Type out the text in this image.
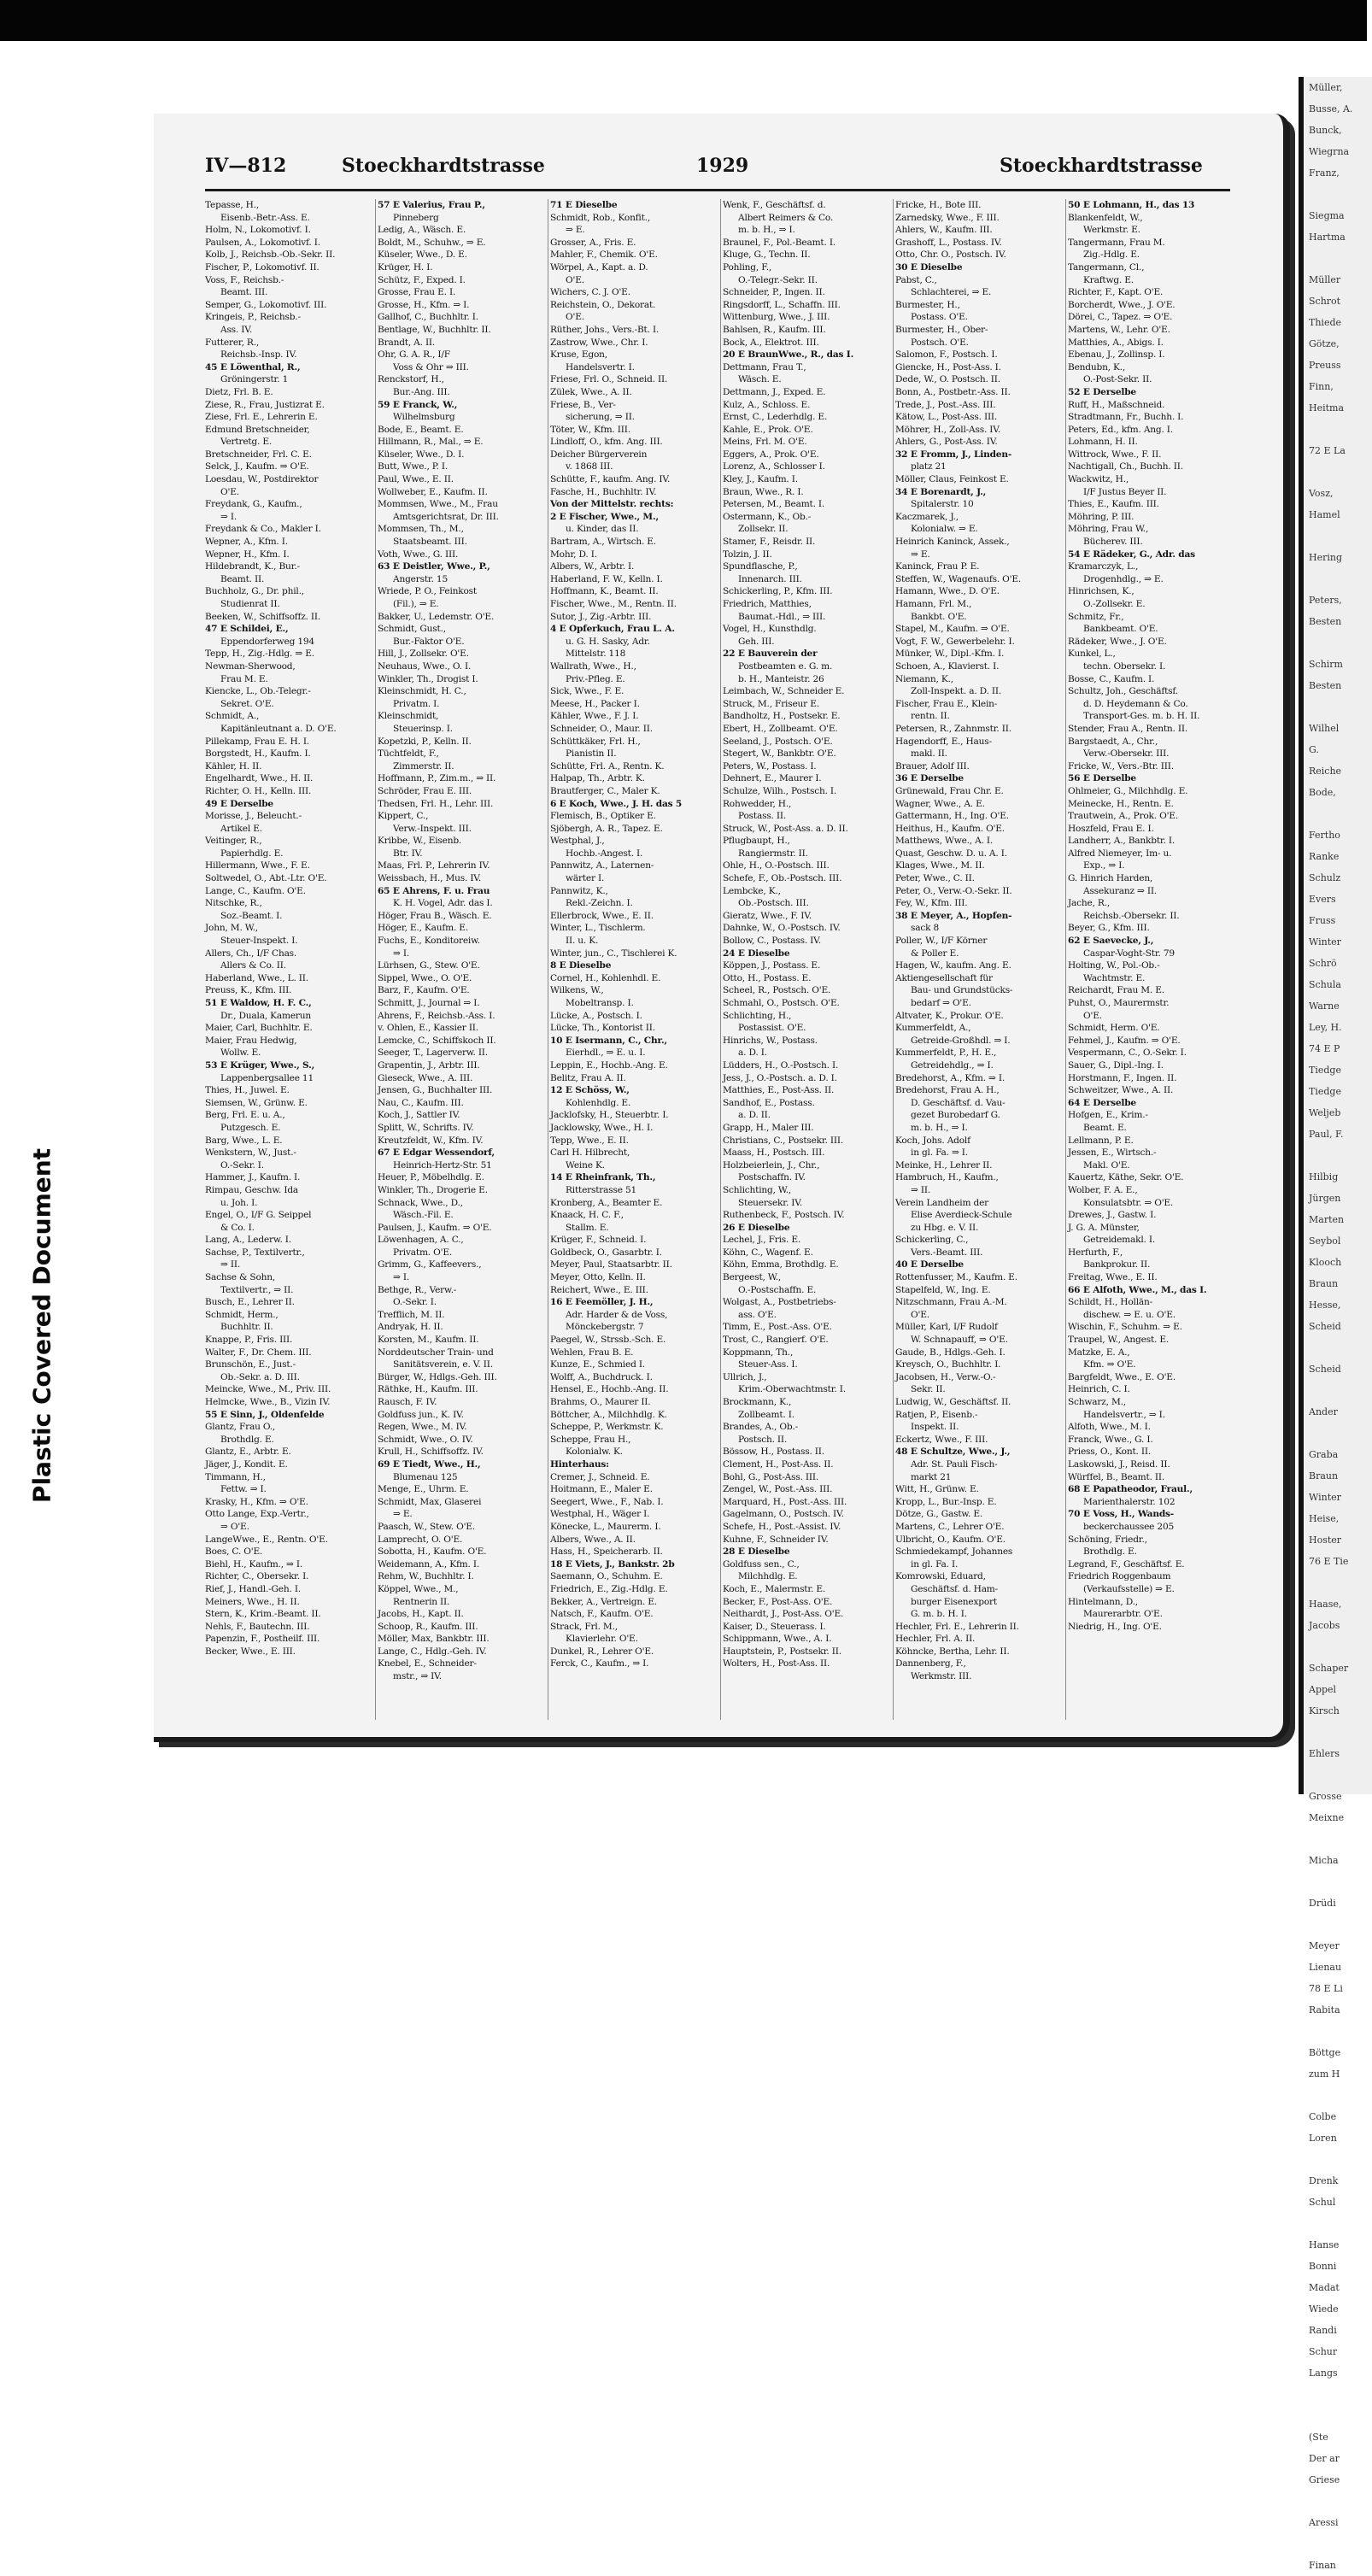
Plastic Covered Document
IV—812	Stoeckhardtstrasse	1929	Stoeckhardtstrasse
Tepasse, H.,
Eisenb.-Betr.-Ass. E.
Holm, N., Lokomotivf. I.
Paulsen, A., Lokomotivf. I.
Kolb, J., Reichsb.-Ob.-Sekr. II.
Fischer, P., Lokomotivf. II.
Voss, F., Reichsb.-
Beamt. III.
Semper, G., Lokomotivf. III.
Kringeis, P., Reichsb.-
Ass. IV.
Futterer, R.,
Reichsb.-Insp. IV.
45 E Löwenthal, R.,
Gröningerstr. 1
Dietz, Frl. B. E.
Ziese, R., Frau, Justizrat E.
Ziese, Frl. E., Lehrerin E.
Edmund Bretschneider,
Vertretg. E.
Bretschneider, Frl. C. E.
Selck, J., Kaufm. ⇒ O'E.
Loesdau, W., Postdirektor
O'E.
Freydank, G., Kaufm.,
⇒ I.
Freydank & Co., Makler I.
Wepner, A., Kfm. I.
Wepner, H., Kfm. I.
Hildebrandt, K., Bur.-
Beamt. II.
Buchholz, G., Dr. phil.,
Studienrat II.
Beeken, W., Schiffsoffz. II.
47 E Schildei, E.,
Eppendorferweg 194
Tepp, H., Zig.-Hdlg. ⇒ E.
Newman-Sherwood,
Frau M. E.
Kiencke, L., Ob.-Telegr.-
Sekret. O'E.
Schmidt, A.,
Kapitänleutnant a. D. O'E.
Pillekamp, Frau E. H. I.
Borgstedt, H., Kaufm. I.
Kähler, H. II.
Engelhardt, Wwe., H. II.
Richter, O. H., Kelln. III.
49 E Derselbe
Morisse, J., Beleucht.-
Artikel E.
Veitinger, R.,
Papierhdlg. E.
Hillermann, Wwe., F. E.
Soltwedel, O., Abt.-Ltr. O'E.
Lange, C., Kaufm. O'E.
Nitschke, R.,
Soz.-Beamt. I.
John, M. W.,
Steuer-Inspekt. I.
Allers, Ch., I/F Chas.
Allers & Co. II.
Haberland, Wwe., L. II.
Preuss, K., Kfm. III.
51 E Waldow, H. F. C.,
Dr., Duala, Kamerun
Maier, Carl, Buchhltr. E.
Maier, Frau Hedwig,
Wollw. E.
53 E Krüger, Wwe., S.,
Lappenbergsallee 11
Thies, H., Juwel. E.
Siemsen, W., Grünw. E.
Berg, Frl. E. u. A.,
Putzgesch. E.
Barg, Wwe., L. E.
Wenkstern, W., Just.-
O.-Sekr. I.
Hammer, J., Kaufm. I.
Rimpau, Geschw. Ida
u. Joh. I.
Engel, O., I/F G. Seippel
& Co. I.
Lang, A., Lederw. I.
Sachse, P., Textilvertr.,
⇒ II.
Sachse & Sohn,
Textilvertr., ⇒ II.
Busch, E., Lehrer II.
Schmidt, Herm.,
Buchhltr. II.
Knappe, P., Fris. III.
Walter, F., Dr. Chem. III.
Brunschön, E., Just.-
Ob.-Sekr. a. D. III.
Meincke, Wwe., M., Priv. III.
Helmcke, Wwe., B., Vizin IV.
55 E Sinn, J., Oldenfelde
Glantz, Frau O.,
Brothdlg. E.
Glantz, E., Arbtr. E.
Jäger, J., Kondit. E.
Timmann, H.,
Fettw. ⇒ I.
Krasky, H., Kfm. ⇒ O'E.
Otto Lange, Exp.-Vertr.,
⇒ O'E.
LangeWwe., E., Rentn. O'E.
Boes, C. O'E.
Biehl, H., Kaufm., ⇒ I.
Richter, C., Obersekr. I.
Rief, J., Handl.-Geh. I.
Meiners, Wwe., H. II.
Stern, K., Krim.-Beamt. II.
Nehls, F., Bautechn. III.
Papenzin, F., Postheilf. III.
Becker, Wwe., E. III.
57 E Valerius, Frau P.,
Pinneberg
Ledig, A., Wäsch. E.
Boldt, M., Schuhw., ⇒ E.
Küseler, Wwe., D. E.
Krüger, H. I.
Schütz, F., Exped. I.
Grosse, Frau E. I.
Grosse, H., Kfm. ⇒ I.
Gallhof, C., Buchhltr. I.
Bentlage, W., Buchhltr. II.
Brandt, A. II.
Ohr, G. A. R., I/F
Voss & Ohr ⇒ III.
Renckstorf, H.,
Bur.-Ang. III.
59 E Franck, W.,
Wilhelmsburg
Bode, E., Beamt. E.
Hillmann, R., Mal., ⇒ E.
Küseler, Wwe., D. I.
Butt, Wwe., P. I.
Paul, Wwe., E. II.
Wollweber, E., Kaufm. II.
Mommsen, Wwe., M., Frau
Amtsgerichtsrat, Dr. III.
Mommsen, Th., M.,
Staatsbeamt. III.
Voth, Wwe., G. III.
63 E Deistler, Wwe., P.,
Angerstr. 15
Wriede, P. O., Feinkost
(Fil.), ⇒ E.
Bakker, U., Ledemstr. O'E.
Schmidt, Gust.,
Bur.-Faktor O'E.
Hill, J., Zollsekr. O'E.
Neuhaus, Wwe., O. I.
Winkler, Th., Drogist I.
Kleinschmidt, H. C.,
Privatm. I.
Kleinschmidt,
Steuerinsp. I.
Kopetzki, P., Kelln. II.
Tüchtfeldt, F.,
Zimmerstr. II.
Hoffmann, P., Zim.m., ⇒ II.
Schröder, Frau E. III.
Thedsen, Frl. H., Lehr. III.
Kippert, C.,
Verw.-Inspekt. III.
Kribbe, W., Eisenb.
Btr. IV.
Maas, Frl. P., Lehrerin IV.
Weissbach, H., Mus. IV.
65 E Ahrens, F. u. Frau
K. H. Vogel, Adr. das I.
Höger, Frau B., Wäsch. E.
Höger, E., Kaufm. E.
Fuchs, E., Konditoreiw.
⇒ I.
Lürhsen, G., Stew. O'E.
Sippel, Wwe., O. O'E.
Barz, F., Kaufm. O'E.
Schmitt, J., Journal ⇒ I.
Ahrens, F., Reichsb.-Ass. I.
v. Ohlen, E., Kassier II.
Lemcke, C., Schiffskoch II.
Seeger, T., Lagerverw. II.
Grapentin, J., Arbtr. III.
Gieseck, Wwe., A. III.
Jensen, G., Buchhalter III.
Nau, C., Kaufm. III.
Koch, J., Sattler IV.
Splitt, W., Schrifts. IV.
Kreutzfeldt, W., Kfm. IV.
67 E Edgar Wessendorf,
Heinrich-Hertz-Str. 51
Heuer, P., Möbelhdlg. E.
Winkler, Th., Drogerie E.
Schnack, Wwe., D.,
Wäsch.-Fil. E.
Paulsen, J., Kaufm. ⇒ O'E.
Löwenhagen, A. C.,
Privatm. O'E.
Grimm, G., Kaffeevers.,
⇒ I.
Bethge, R., Verw.-
O.-Sekr. I.
Trefflich, M. II.
Andryak, H. II.
Korsten, M., Kaufm. II.
Norddeutscher Train- und
Sanitätsverein, e. V. II.
Bürger, W., Hdlgs.-Geh. III.
Räthke, H., Kaufm. III.
Rausch, F. IV.
Goldfuss jun., K. IV.
Regen, Wwe., M. IV.
Schmidt, Wwe., O. IV.
Krull, H., Schiffsoffz. IV.
69 E Tiedt, Wwe., H.,
Blumenau 125
Menge, E., Uhrm. E.
Schmidt, Max, Glaserei
⇒ E.
Paasch, W., Stew. O'E.
Lamprecht, O. O'E.
Sobotta, H., Kaufm. O'E.
Weidemann, A., Kfm. I.
Rehm, W., Buchhltr. I.
Köppel, Wwe., M.,
Rentnerin II.
Jacobs, H., Kapt. II.
Schoop, R., Kaufm. III.
Möller, Max, Bankbtr. III.
Lange, C., Hdlg.-Geh. IV.
Knebel, E., Schneider-
mstr., ⇒ IV.
71 E Dieselbe
Schmidt, Rob., Konfit.,
⇒ E.
Grosser, A., Fris. E.
Mahler, F., Chemik. O'E.
Wörpel, A., Kapt. a. D.
O'E.
Wichers, C. J. O'E.
Reichstein, O., Dekorat.
O'E.
Rüther, Johs., Vers.-Bt. I.
Zastrow, Wwe., Chr. I.
Kruse, Egon,
Handelsvertr. I.
Friese, Frl. O., Schneid. II.
Zülek, Wwe., A. II.
Friese, B., Ver-
sicherung, ⇒ II.
Töter, W., Kfm. III.
Lindloff, O., kfm. Ang. III.
Deicher Bürgerverein
v. 1868 III.
Schütte, F., kaufm. Ang. IV.
Fasche, H., Buchhltr. IV.
Von der Mittelstr. rechts:
2 E Fischer, Wwe., M.,
u. Kinder, das II.
Bartram, A., Wirtsch. E.
Mohr, D. I.
Albers, W., Arbtr. I.
Haberland, F. W., Kelln. I.
Hoffmann, K., Beamt. II.
Fischer, Wwe., M., Rentn. II.
Sutor, J., Zig.-Arbtr. III.
4 E Opferkuch, Frau L. A.
u. G. H. Sasky, Adr.
Mittelstr. 118
Wallrath, Wwe., H.,
Priv.-Pfleg. E.
Sick, Wwe., F. E.
Meese, H., Packer I.
Kähler, Wwe., F. J. I.
Schneider, O., Maur. II.
Schüttkäker, Frl. H.,
Pianistin II.
Schütte, Frl. A., Rentn. K.
Halpap, Th., Arbtr. K.
Brautferger, C., Maler K.
6 E Koch, Wwe., J. H. das 5
Flemisch, B., Optiker E.
Sjöbergh, A. R., Tapez. E.
Westphal, J.,
Hochb.-Angest. I.
Pannwitz, A., Laternen-
wärter I.
Pannwitz, K.,
Rekl.-Zeichn. I.
Ellerbrock, Wwe., E. II.
Winter, L., Tischlerm.
II. u. K.
Winter, jun., C., Tischlerei K.
8 E Dieselbe
Cornel, H., Kohlenhdl. E.
Wilkens, W.,
Mobeltransp. I.
Lücke, A., Postsch. I.
Lücke, Th., Kontorist II.
10 E Isermann, C., Chr.,
Eierhdl., ⇒ E. u. I.
Leppin, E., Hochb.-Ang. E.
Belitz, Frau A. II.
12 E Schöss, W.,
Kohlenhdlg. E.
Jacklofsky, H., Steuerbtr. I.
Jacklowsky, Wwe., H. I.
Tepp, Wwe., E. II.
Carl H. Hilbrecht,
Weine K.
14 E Rheinfrank, Th.,
Ritterstrasse 51
Kronberg, A., Beamter E.
Knaack, H. C. F.,
Stallm. E.
Krüger, F., Schneid. I.
Goldbeck, O., Gasarbtr. I.
Meyer, Paul, Staatsarbtr. II.
Meyer, Otto, Kelln. II.
Reichert, Wwe., E. III.
16 E Feemöller, J. H.,
Adr. Harder & de Voss,
Mönckebergstr. 7
Paegel, W., Strssb.-Sch. E.
Wehlen, Frau B. E.
Kunze, E., Schmied I.
Wolff, A., Buchdruck. I.
Hensel, E., Hochb.-Ang. II.
Brahms, O., Maurer II.
Böttcher, A., Milchhdlg. K.
Scheppe, P., Werkmstr. K.
Scheppe, Frau H.,
Kolonialw. K.
Hinterhaus:
Cremer, J., Schneid. E.
Hoitmann, E., Maler E.
Seegert, Wwe., F., Nab. I.
Westphal, H., Wäger I.
Könecke, L., Maurerm. I.
Albers, Wwe., A. II.
Hass, H., Speicherarb. II.
18 E Viets, J., Bankstr. 2b
Saemann, O., Schuhm. E.
Friedrich, E., Zig.-Hdlg. E.
Bekker, A., Vertreign. E.
Natsch, F., Kaufm. O'E.
Strack, Frl. M.,
Klavierlehr. O'E.
Dunkel, R., Lehrer O'E.
Ferck, C., Kaufm., ⇒ I.
Wenk, F., Geschäftsf. d.
Albert Reimers & Co.
m. b. H., ⇒ I.
Braunel, F., Pol.-Beamt. I.
Kluge, G., Techn. II.
Pohling, F.,
O.-Telegr.-Sekr. II.
Schneider, P., Ingen. II.
Ringsdorff, L., Schaffn. III.
Wittenburg, Wwe., J. III.
Bahlsen, R., Kaufm. III.
Bock, A., Elektrot. III.
20 E BraunWwe., R., das I.
Dettmann, Frau T.,
Wäsch. E.
Dettmann, J., Exped. E.
Kulz, A., Schloss. E.
Ernst, C., Lederhdlg. E.
Kahle, E., Prok. O'E.
Meins, Frl. M. O'E.
Eggers, A., Prok. O'E.
Lorenz, A., Schlosser I.
Kley, J., Kaufm. I.
Braun, Wwe., R. I.
Petersen, M., Beamt. I.
Ostermann, K., Ob.-
Zollsekr. II.
Stamer, F., Reisdr. II.
Tolzin, J. II.
Spundflasche, P.,
Innenarch. III.
Schickerling, P., Kfm. III.
Friedrich, Matthies,
Baumat.-Hdl., ⇒ III.
Vogel, H., Kunsthdlg.
Geh. III.
22 E Bauverein der
Postbeamten e. G. m.
b. H., Manteistr. 26
Leimbach, W., Schneider E.
Struck, M., Friseur E.
Bandholtz, H., Postsekr. E.
Ebert, H., Zollbeamt. O'E.
Seeland, J., Postsch. O'E.
Stegert, W., Bankbtr. O'E.
Peters, W., Postass. I.
Dehnert, E., Maurer I.
Schulze, Wilh., Postsch. I.
Rohwedder, H.,
Postass. II.
Struck, W., Post-Ass. a. D. II.
Pflugbaupt, H.,
Rangiermstr. II.
Ohle, H., O.-Postsch. III.
Schefe, F., Ob.-Postsch. III.
Lembcke, K.,
Ob.-Postsch. III.
Gieratz, Wwe., F. IV.
Dahnke, W., O.-Postsch. IV.
Bollow, C., Postass. IV.
24 E Dieselbe
Köppen, J., Postass. E.
Otto, H., Postass. E.
Scheel, R., Postsch. O'E.
Schmahl, O., Postsch. O'E.
Schlichting, H.,
Postassist. O'E.
Hinrichs, W., Postass.
a. D. I.
Lüdders, H., O.-Postsch. I.
Jess, J., O.-Postsch. a. D. I.
Matthies, E., Post-Ass. II.
Sandhof, E., Postass.
a. D. II.
Grapp, H., Maler III.
Christians, C., Postsekr. III.
Maass, H., Postsch. III.
Holzbeierlein, J., Chr.,
Postschaffn. IV.
Schlichting, W.,
Steuersekr. IV.
Ruthenbeck, F., Postsch. IV.
26 E Dieselbe
Lechel, J., Fris. E.
Köhn, C., Wagenf. E.
Köhn, Emma, Brothdlg. E.
Bergeest, W.,
O.-Postschaffn. E.
Wolgast, A., Postbetriebs-
ass. O'E.
Timm, E., Post.-Ass. O'E.
Trost, C., Rangierf. O'E.
Koppmann, Th.,
Steuer-Ass. I.
Ullrich, J.,
Krim.-Oberwachtmstr. I.
Brockmann, K.,
Zollbeamt. I.
Brandes, A., Ob.-
Postsch. II.
Bössow, H., Postass. II.
Clement, H., Post-Ass. II.
Bohl, G., Post-Ass. III.
Zengel, W., Post.-Ass. III.
Marquard, H., Post.-Ass. III.
Gagelmann, O., Postsch. IV.
Schefe, H., Post.-Assist. IV.
Kuhne, F., Schneider IV.
28 E Dieselbe
Goldfuss sen., C.,
Milchhdlg. E.
Koch, E., Malermstr. E.
Becker, F., Post-Ass. O'E.
Neithardt, J., Post-Ass. O'E.
Kaiser, D., Steuerass. I.
Schippmann, Wwe., A. I.
Hauptstein, P., Postsekr. II.
Wolters, H., Post-Ass. II.
Fricke, H., Bote III.
Zarnedsky, Wwe., F. III.
Ahlers, W., Kaufm. III.
Grashoff, L., Postass. IV.
Otto, Chr. O., Postsch. IV.
30 E Dieselbe
Pabst, C.,
Schlachterei, ⇒ E.
Burmester, H.,
Postass. O'E.
Burmester, H., Ober-
Postsch. O'E.
Salomon, F., Postsch. I.
Giencke, H., Post-Ass. I.
Dede, W., O. Postsch. II.
Bonn, A., Postbetr.-Ass. II.
Trede, J., Post.-Ass. III.
Kätow, L., Post-Ass. III.
Möhrer, H., Zoll-Ass. IV.
Ahlers, G., Post-Ass. IV.
32 E Fromm, J., Linden-
platz 21
Möller, Claus, Feinkost E.
34 E Borenardt, J.,
Spitalerstr. 10
Kaczmarek, J.,
Kolonialw. ⇒ E.
Heinrich Kaninck, Assek.,
⇒ E.
Kaninck, Frau P. E.
Steffen, W., Wagenaufs. O'E.
Hamann, Wwe., D. O'E.
Hamann, Frl. M.,
Bankbt. O'E.
Stapel, M., Kaufm. ⇒ O'E.
Vogt, F. W., Gewerbelehr. I.
Münker, W., Dipl.-Kfm. I.
Schoen, A., Klavierst. I.
Niemann, K.,
Zoll-Inspekt. a. D. II.
Fischer, Frau E., Klein-
rentn. II.
Petersen, R., Zahnmstr. II.
Hagendorff, E., Haus-
makl. II.
Brauer, Adolf III.
36 E Derselbe
Grünewald, Frau Chr. E.
Wagner, Wwe., A. E.
Gattermann, H., Ing. O'E.
Heithus, H., Kaufm. O'E.
Matthews, Wwe., A. I.
Quast, Geschw. D. u. A. I.
Klages, Wwe., M. II.
Peter, Wwe., C. II.
Peter, O., Verw.-O.-Sekr. II.
Fey, W., Kfm. III.
38 E Meyer, A., Hopfen-
sack 8
Poller, W., I/F Körner
& Poller E.
Hagen, W., kaufm. Ang. E.
Aktiengesellschaft für
Bau- und Grundstücks-
bedarf ⇒ O'E.
Altvater, K., Prokur. O'E.
Kummerfeldt, A.,
Getreide-Großhdl. ⇒ I.
Kummerfeldt, P., H. E.,
Getreidehdlg., ⇒ I.
Bredehorst, A., Kfm. ⇒ I.
Bredehorst, Frau A. H.,
D. Geschäftsf. d. Vau-
gezet Burobedarf G.
m. b. H., ⇒ I.
Koch, Johs. Adolf
in gl. Fa. ⇒ I.
Meinke, H., Lehrer II.
Hambruch, H., Kaufm.,
⇒ II.
Verein Landheim der
Elise Averdieck-Schule
zu Hbg. e. V. II.
Schickerling, C.,
Vers.-Beamt. III.
40 E Derselbe
Rottenfusser, M., Kaufm. E.
Stapelfeld, W., Ing. E.
Nitzschmann, Frau A.-M.
O'E.
Müller, Karl, I/F Rudolf
W. Schnapauff, ⇒ O'E.
Gaude, B., Hdlgs.-Geh. I.
Kreysch, O., Buchhltr. I.
Jacobsen, H., Verw.-O.-
Sekr. II.
Ludwig, W., Geschäftsf. II.
Ratjen, P., Eisenb.-
Inspekt. II.
Eckertz, Wwe., F. III.
48 E Schultze, Wwe., J.,
Adr. St. Pauli Fisch-
markt 21
Witt, H., Grünw. E.
Kropp, L., Bur.-Insp. E.
Dötze, G., Gastw. E.
Martens, C., Lehrer O'E.
Ulbricht, O., Kaufm. O'E.
Schmiedekampf, Johannes
in gl. Fa. I.
Komrowski, Eduard,
Geschäftsf. d. Ham-
burger Eisenexport
G. m. b. H. I.
Hechler, Frl. E., Lehrerin II.
Hechler, Frl. A. II.
Köhncke, Bertha, Lehr. II.
Dannenberg, F.,
Werkmstr. III.
50 E Lohmann, H., das 13
Blankenfeldt, W.,
Werkmstr. E.
Tangermann, Frau M.
Zig.-Hdlg. E.
Tangermann, Cl.,
Kraftwg. E.
Richter, F., Kapt. O'E.
Borcherdt, Wwe., J. O'E.
Dörei, C., Tapez. ⇒ O'E.
Martens, W., Lehr. O'E.
Matthies, A., Abigs. I.
Ebenau, J., Zollinsp. I.
Bendubn, K.,
O.-Post-Sekr. II.
52 E Derselbe
Ruff, H., Maßschneid.
Stradtmann, Fr., Buchh. I.
Peters, Ed., kfm. Ang. I.
Lohmann, H. II.
Wittrock, Wwe., F. II.
Nachtigall, Ch., Buchh. II.
Wackwitz, H.,
I/F Justus Beyer II.
Thies, E., Kaufm. III.
Möhring, P. III.
Möhring, Frau W.,
Bücherev. III.
54 E Rädeker, G., Adr. das
Kramarczyk, L.,
Drogenhdlg., ⇒ E.
Hinrichsen, K.,
O.-Zollsekr. E.
Schmitz, Fr.,
Bankbeamt. O'E.
Rädeker, Wwe., J. O'E.
Kunkel, L.,
techn. Obersekr. I.
Bosse, C., Kaufm. I.
Schultz, Joh., Geschäftsf.
d. D. Heydemann & Co.
Transport-Ges. m. b. H. II.
Stender, Frau A., Rentn. II.
Bargstaedt, A., Chr.,
Verw.-Obersekr. III.
Fricke, W., Vers.-Btr. III.
56 E Derselbe
Ohlmeier, G., Milchhdlg. E.
Meinecke, H., Rentn. E.
Trautwein, A., Prok. O'E.
Hoszfeld, Frau E. I.
Landherr, A., Bankbtr. I.
Alfred Niemeyer, Im- u.
Exp., ⇒ I.
G. Hinrich Harden,
Assekuranz ⇒ II.
Jache, R.,
Reichsb.-Obersekr. II.
Beyer, G., Kfm. III.
62 E Saevecke, J.,
Caspar-Voght-Str. 79
Holting, W., Pol.-Ob.-
Wachtmstr. E.
Reichardt, Frau M. E.
Puhst, O., Maurermstr.
O'E.
Schmidt, Herm. O'E.
Fehmel, J., Kaufm. ⇒ O'E.
Vespermann, C., O.-Sekr. I.
Sauer, G., Dipl.-Ing. I.
Horstmann, F., Ingen. II.
Schweitzer, Wwe., A. II.
64 E Derselbe
Hofgen, E., Krim.-
Beamt. E.
Lellmann, P. E.
Jessen, E., Wirtsch.-
Makl. O'E.
Kauertz, Käthe, Sekr. O'E.
Wolber, F. A. E.,
Konsulatsbtr. ⇒ O'E.
Drewes, J., Gastw. I.
J. G. A. Münster,
Getreidemakl. I.
Herfurth, F.,
Bankprokur. II.
Freitag, Wwe., E. II.
66 E Alfoth, Wwe., M., das I.
Schildt, H., Hollän-
dischew. ⇒ E. u. O'E.
Wischin, F., Schuhm. ⇒ E.
Traupel, W., Angest. E.
Matzke, E. A.,
Kfm. ⇒ O'E.
Bargfeldt, Wwe., E. O'E.
Heinrich, C. I.
Schwarz, M.,
Handelsvertr., ⇒ I.
Alfoth, Wwe., M. I.
Franck, Wwe., G. I.
Priess, O., Kont. II.
Laskowski, J., Reisd. II.
Würffel, B., Beamt. II.
68 E Papatheodor, Fraul.,
Marienthalerstr. 102
70 E Voss, H., Wands-
beckerchaussee 205
Schöning, Friedr.,
Brothdlg. E.
Legrand, F., Geschäftsf. E.
Friedrich Roggenbaum
(Verkaufsstelle) ⇒ E.
Hintelmann, D.,
Maurerarbtr. O'E.
Niedrig, H., Ing. O'E.
Müller,
Busse, A.
Bunck,
Wiegrna
Franz,

Siegma
Hartma

Müller
Schrot
Thiede
Götze,
Preuss
Finn,
Heitma

72 E La

Vosz,
Hamel

Hering

Peters,
Besten

Schirm
Besten

Wilhel
G.
Reiche
Bode,

Fertho
Ranke
Schulz
Evers
Fruss
Winter
Schrö
Schula
Warne
Ley, H.
74 E P
Tiedge
Tiedge
Weljeb
Paul, F.

Hilbig
Jürgen
Marten
Seybol
Klooch
Braun
Hesse,
Scheid

Scheid

Ander

Graba
Braun
Winter
Heise,
Hoster
76 E Tie

Haase,
Jacobs

Schaper
Appel
Kirsch

Ehlers

Grosse
Meixne

Micha

Drüdi

Meyer
Lienau
78 E Li
Rabita

Böttge
zum H

Colbe
Loren

Drenk
Schul

Hanse
Bonni
Madat
Wiede
Randi
Schur
Langs

(Ste
Der ar
Griese

Aressi

Finan
